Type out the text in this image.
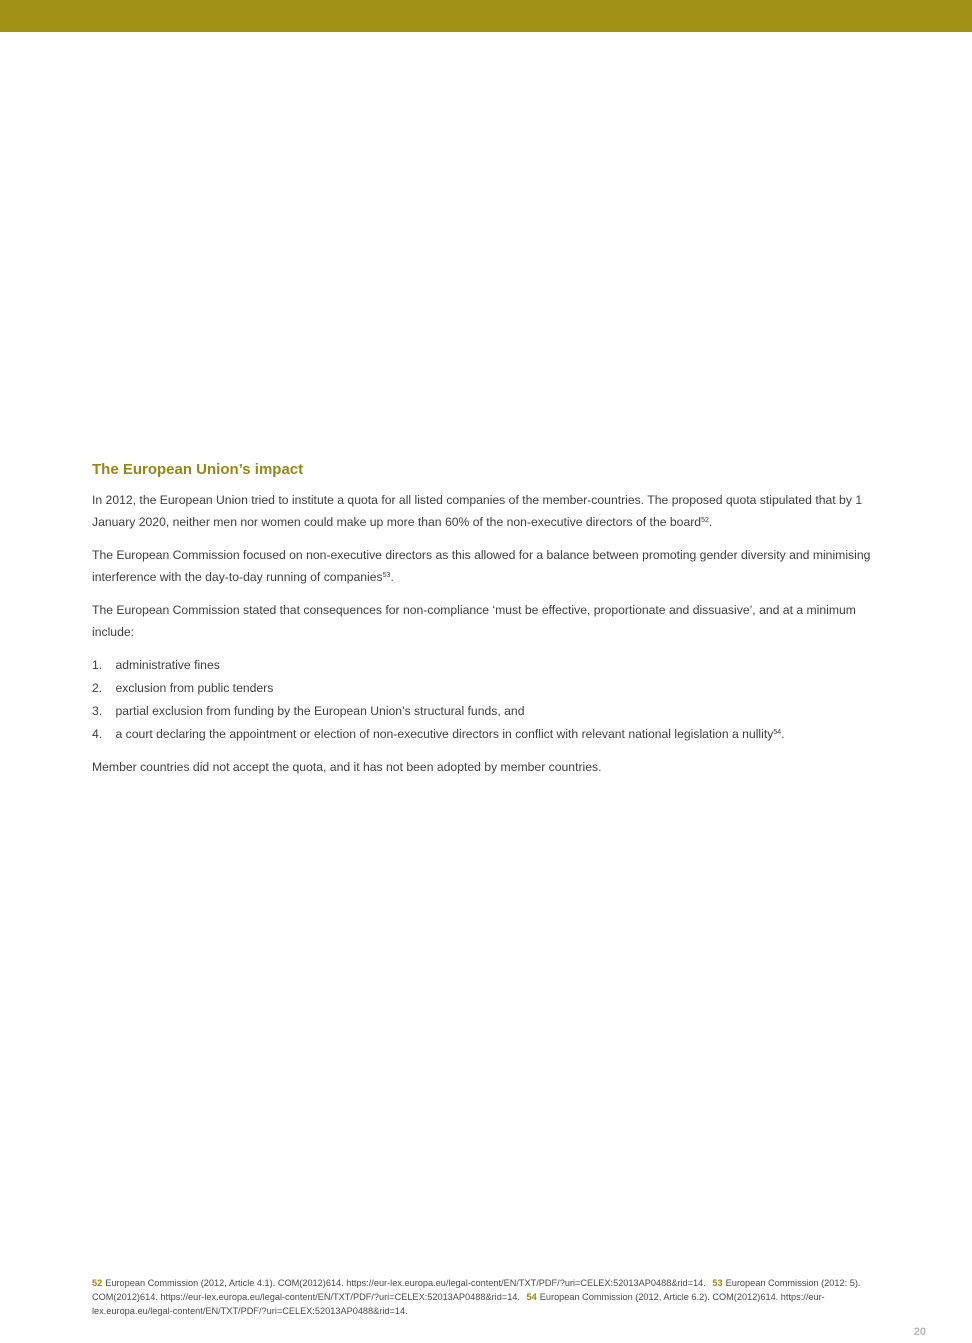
The European Union’s impact

In 2012, the European Union tried to institute a quota for all listed companies of the member-countries. The proposed quota stipulated that by 1 January 2020, neither men nor women could make up more than 60% of the non-executive directors of the board$^{52}$.

The European Commission focused on non-executive directors as this allowed for a balance between promoting gender diversity and minimising interference with the day-to-day running of companies$^{53}$.

The European Commission stated that consequences for non-compliance ‘must be effective, proportionate and dissuasive’, and at a minimum include:

1.	administrative fines
2.	exclusion from public tenders
3.	partial exclusion from funding by the European Union’s structural funds, and
4.	a court declaring the appointment or election of non-executive directors in conflict with relevant national legislation a nullity$^{54}$.

Member countries did not accept the quota, and it has not been adopted by member countries.

52 European Commission (2012, Article 4.1). COM(2012)614. https://eur-lex.europa.eu/legal-content/EN/TXT/PDF/?uri=CELEX:52013AP0488&rid=14. 53 European Commission (2012: 5). COM(2012)614. https://eur-lex.europa.eu/legal-content/EN/TXT/PDF/?uri=CELEX:52013AP0488&rid=14. 54 European Commission (2012, Article 6.2). COM(2012)614. https://eur-lex.europa.eu/legal-content/EN/TXT/PDF/?uri=CELEX:52013AP0488&rid=14.
20
